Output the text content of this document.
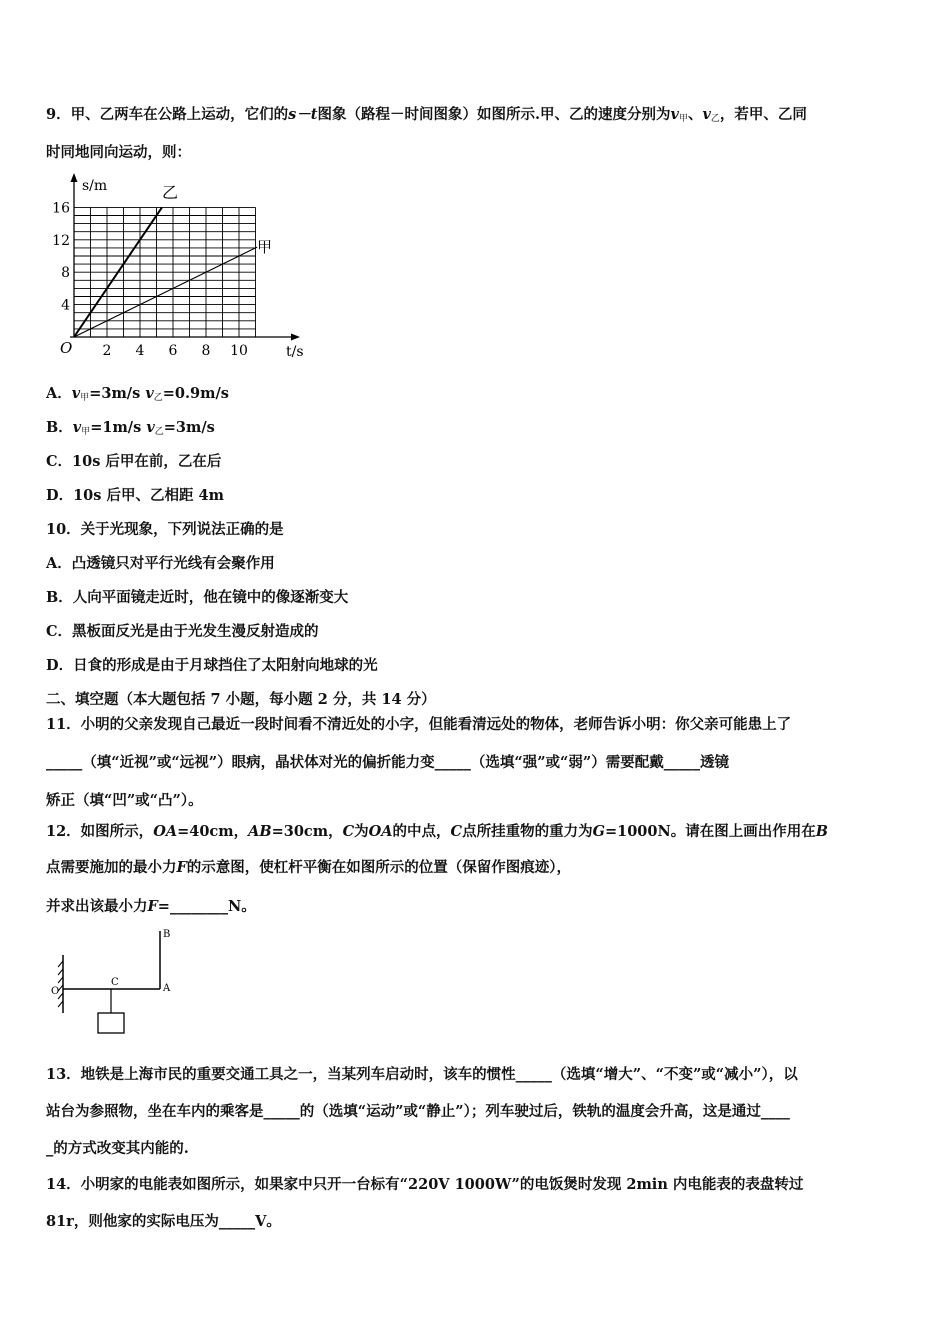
9．甲、乙两车在公路上运动，它们的s－t图象（路程－时间图象）如图所示.甲、乙的速度分别为$v_甲$、$v_乙$，若甲、乙同
时同地同向运动，则：
4
8
12
16
2 4 6 8 10
s/m
t/s
O
乙
甲
A．$v_甲=3m/s$ $v_乙=0.9m/s$
B．$v_甲=1m/s$ $v_乙=3m/s$
C．10s 后甲在前，乙在后
D．10s 后甲、乙相距 4m
10．关于光现象，下列说法正确的是
A．凸透镜只对平行光线有会聚作用
B．人向平面镜走近时，他在镜中的像逐渐变大
C．黑板面反光是由于光发生漫反射造成的
D．日食的形成是由于月球挡住了太阳射向地球的光
二、填空题（本大题包括 7 小题，每小题 2 分，共 14 分）
11．小明的父亲发现自己最近一段时间看不清近处的小字，但能看清远处的物体，老师告诉小明：你父亲可能患上了
_____（填“近视”或“远视”）眼病，晶状体对光的偏折能力变_____（选填“强”或“弱”）需要配戴_____透镜
矫正（填“凹”或“凸”）。
12．如图所示，OA=40cm，AB=30cm，C为OA的中点，C点所挂重物的重力为G=1000N。请在图上画出作用在B
点需要施加的最小力F的示意图，使杠杆平衡在如图所示的位置（保留作图痕迹），
并求出该最小力F=________N。
O
C
A
B
13．地铁是上海市民的重要交通工具之一，当某列车启动时，该车的惯性_____（选填“增大”、“不变”或“减小”），以
站台为参照物，坐在车内的乘客是_____的（选填“运动”或“静止”）；列车驶过后，铁轨的温度会升高，这是通过____
_的方式改变其内能的.
14．小明家的电能表如图所示，如果家中只开一台标有“220V 1000W”的电饭煲时发现 2min 内电能表的表盘转过
81r，则他家的实际电压为_____V。
